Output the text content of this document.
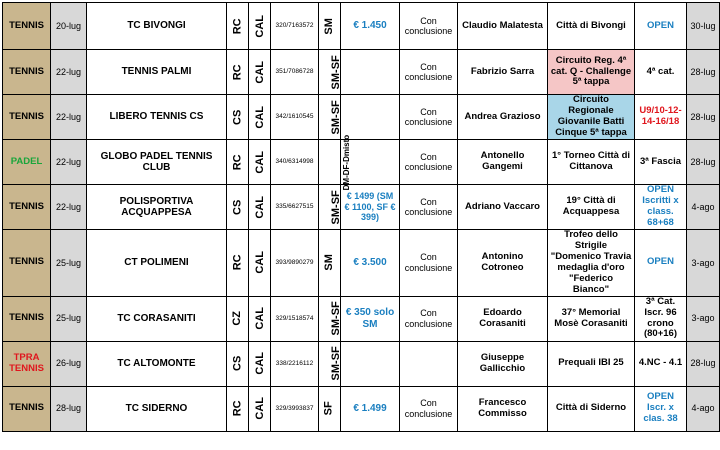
TENNIS	20-lug	TC BIVONGI	RC	CAL	320/7163572	SM	€ 1.450	Con conclusione	Claudio Malatesta	Città di Bivongi	OPEN	30-lug
TENNIS	22-lug	TENNIS PALMI	RC	CAL	351/7086728	SM-SF		Con conclusione	Fabrizio Sarra	Circuito Reg. 4ª cat. Q - Challenge 5ª tappa	4ª cat.	28-lug
TENNIS	22-lug	LIBERO TENNIS CS	CS	CAL	342/1610545	SM-SF		Con conclusione	Andrea Grazioso	Circuito Regionale Giovanile Batti Cinque 5ª tappa	U9/10-12-14-16/18	28-lug
PADEL	22-lug	GLOBO PADEL TENNIS CLUB	RC	CAL	340/6314998	DM-DF-Dmisto		Con conclusione	Antonello Gangemi	1° Torneo Città di Cittanova	3ª Fascia	28-lug
TENNIS	22-lug	POLISPORTIVA ACQUAPPESA	CS	CAL	335/6627515	SM-SF	€ 1499 (SM € 1100, SF € 399)	Con conclusione	Adriano Vaccaro	19° Città di Acquappesa	OPEN Iscritti x class. 68+68	4-ago
TENNIS	25-lug	CT POLIMENI	RC	CAL	393/9890279	SM	€ 3.500	Con conclusione	Antonino Cotroneo	Trofeo dello Strigile "Domenico Travia medaglia d'oro "Federico Bianco"	OPEN	3-ago
TENNIS	25-lug	TC CORASANITI	CZ	CAL	329/1518574	SM-SF	€ 350 solo SM	Con conclusione	Edoardo Corasaniti	37° Memorial Mosè Corasaniti	3ª Cat. Iscr. 96 crono (80+16)	3-ago
TPRA TENNIS	26-lug	TC ALTOMONTE	CS	CAL	338/2216112	SM-SF			Giuseppe Gallicchio	Prequali IBI 25	4.NC - 4.1	28-lug
TENNIS	28-lug	TC SIDERNO	RC	CAL	329/3993837	SF	€ 1.499	Con conclusione	Francesco Commisso	Città di Siderno	OPEN Iscr. x clas. 38	4-ago
